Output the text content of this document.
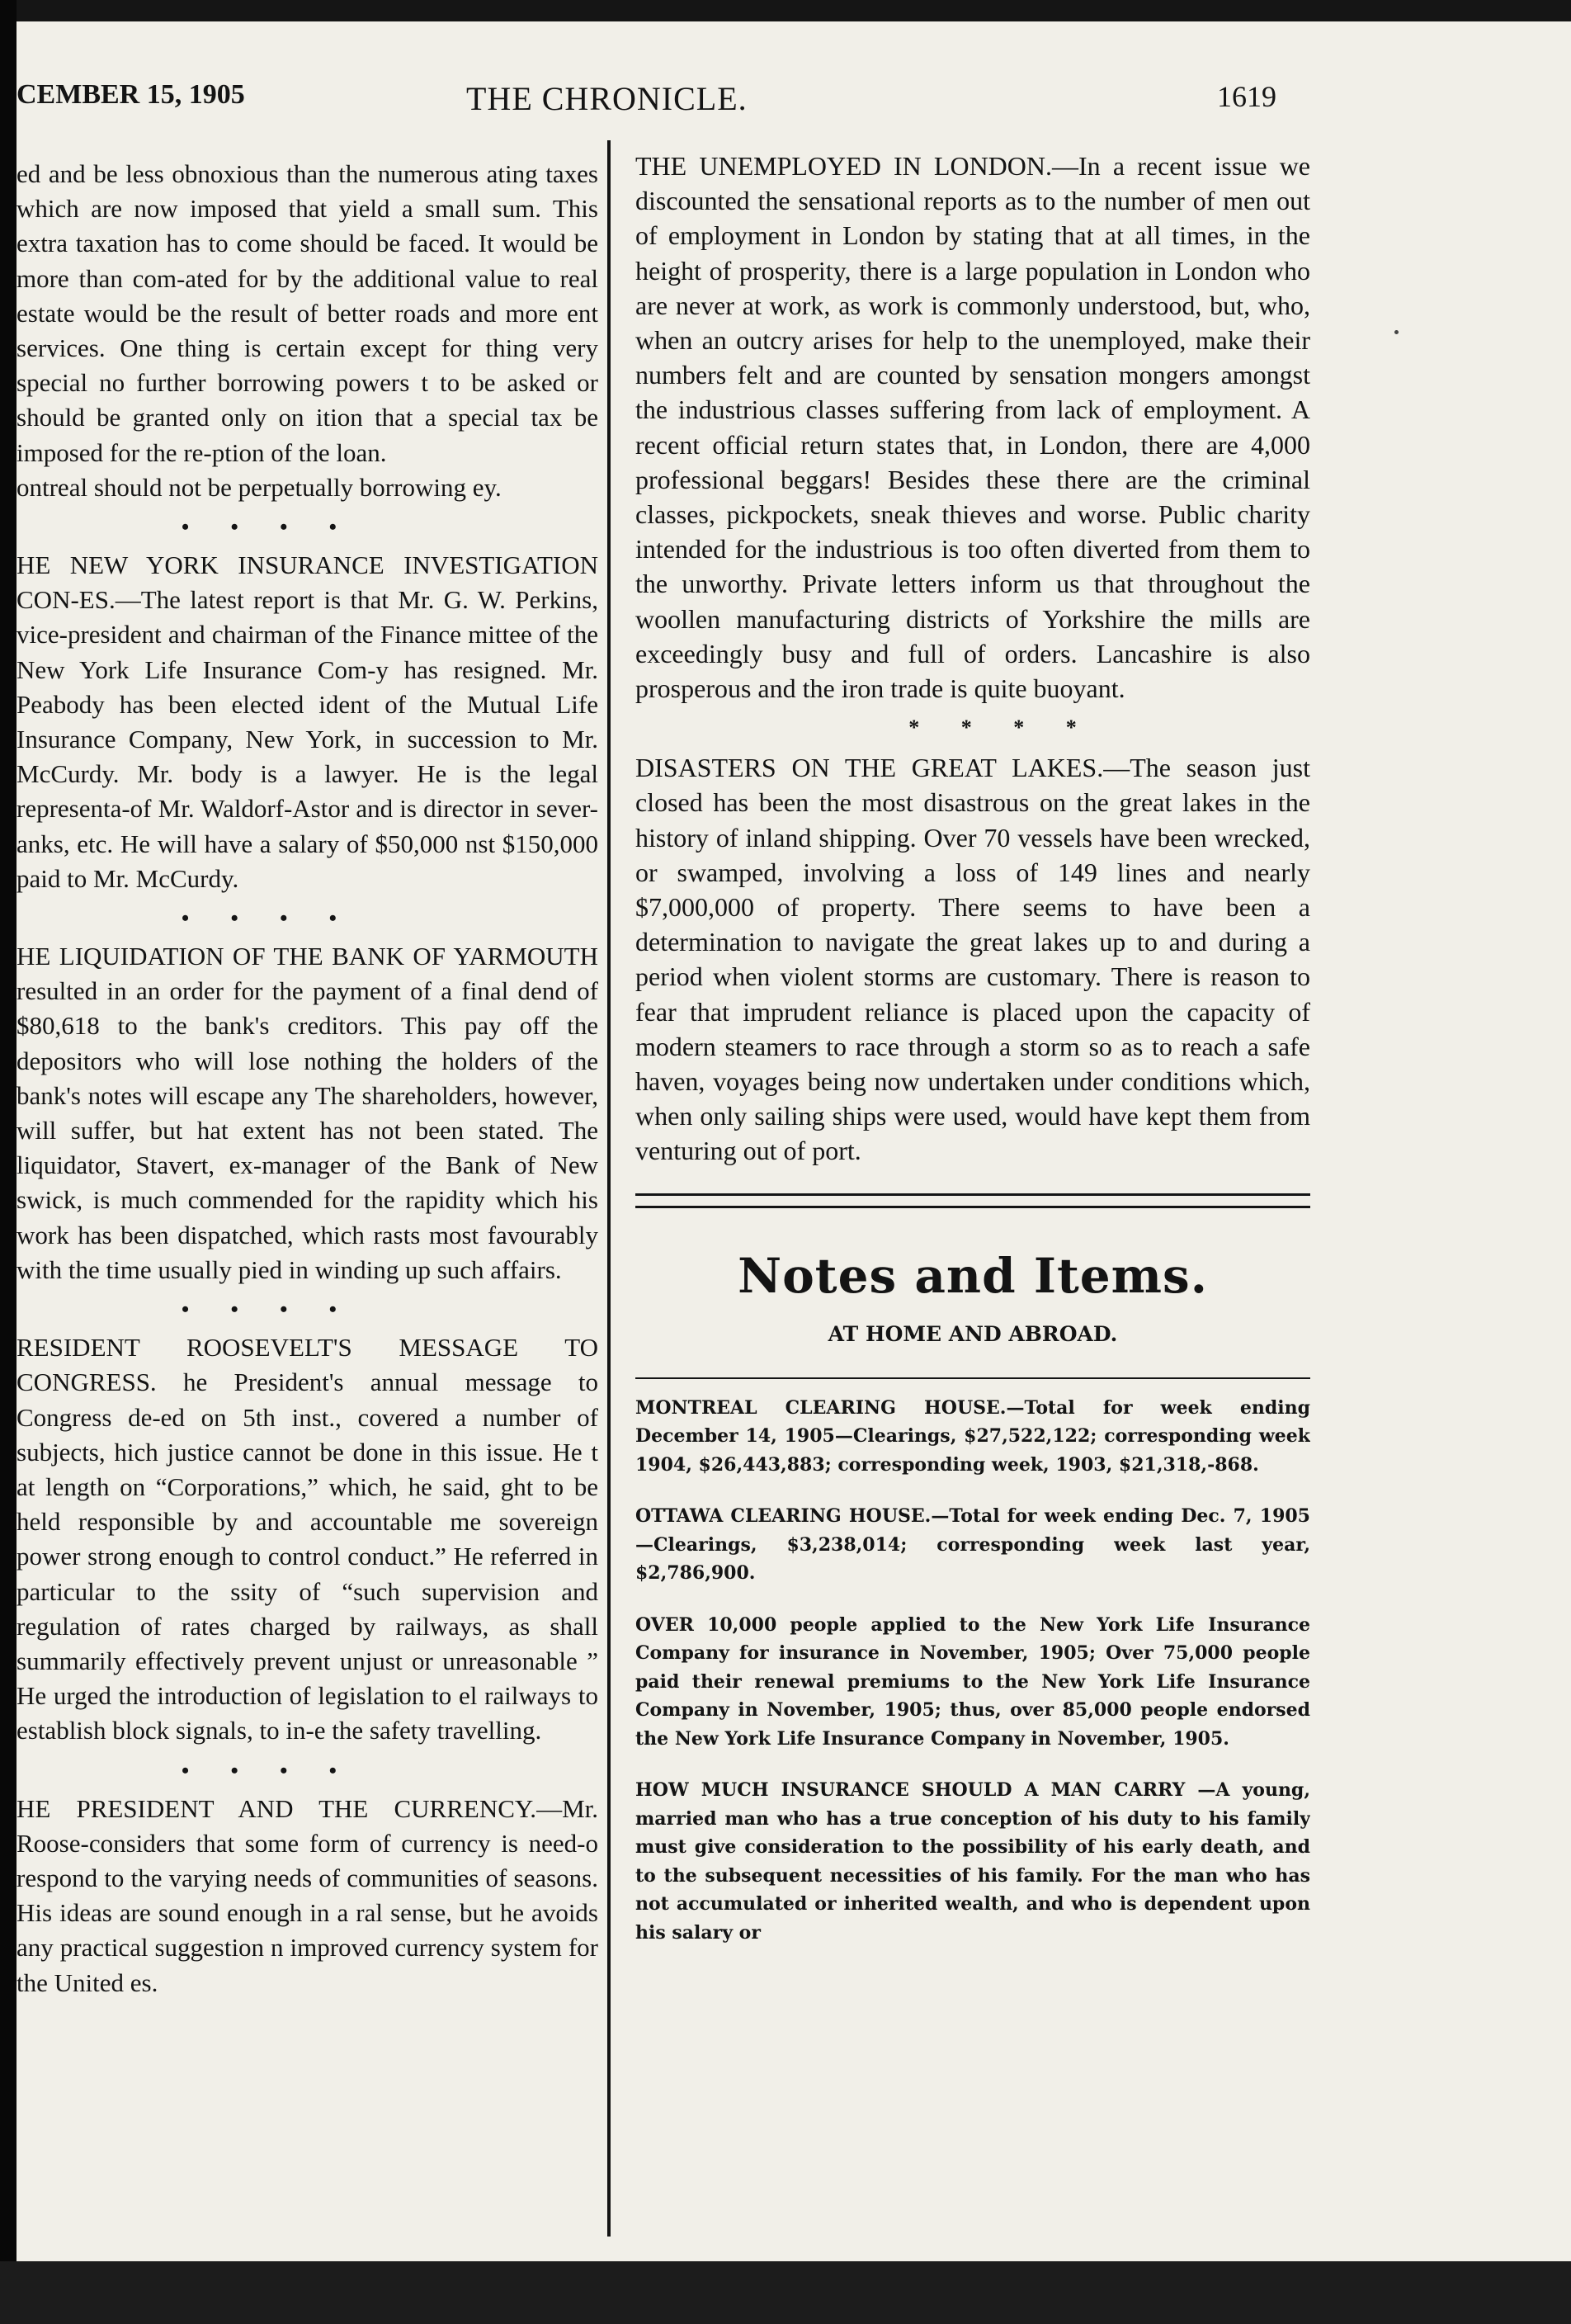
CEMBER 15, 1905	THE CHRONICLE.	1619

ed and be less obnoxious than the numerous ating taxes which are now imposed that yield a small sum. This extra taxation has to come should be faced. It would be more than com-ated for by the additional value to real estate would be the result of better roads and more ent services. One thing is certain except for thing very special no further borrowing powers t to be asked or should be granted only on ition that a special tax be imposed for the re-ption of the loan.

ontreal should not be perpetually borrowing ey.

• • • •

HE NEW YORK INSURANCE INVESTIGATION CON-ES.—The latest report is that Mr. G. W. Perkins, vice-president and chairman of the Finance mittee of the New York Life Insurance Com-y has resigned. Mr. Peabody has been elected ident of the Mutual Life Insurance Company, New York, in succession to Mr. McCurdy. Mr. body is a lawyer. He is the legal representa-of Mr. Waldorf-Astor and is director in sever-anks, etc. He will have a salary of $50,000 nst $150,000 paid to Mr. McCurdy.

• • • •

HE LIQUIDATION OF THE BANK OF YARMOUTH resulted in an order for the payment of a final dend of $80,618 to the bank's creditors. This pay off the depositors who will lose nothing the holders of the bank's notes will escape any The shareholders, however, will suffer, but hat extent has not been stated. The liquidator, Stavert, ex-manager of the Bank of New swick, is much commended for the rapidity which his work has been dispatched, which rasts most favourably with the time usually pied in winding up such affairs.

• • • •

RESIDENT ROOSEVELT'S MESSAGE TO CONGRESS. he President's annual message to Congress de-ed on 5th inst., covered a number of subjects, hich justice cannot be done in this issue. He t at length on “Corporations,” which, he said, ght to be held responsible by and accountable me sovereign power strong enough to control conduct.” He referred in particular to the ssity of “such supervision and regulation of rates charged by railways, as shall summarily effectively prevent unjust or unreasonable ” He urged the introduction of legislation to el railways to establish block signals, to in-e the safety travelling.

• • • •

HE PRESIDENT AND THE CURRENCY.—Mr. Roose-considers that some form of currency is need-o respond to the varying needs of communities of seasons. His ideas are sound enough in a ral sense, but he avoids any practical suggestion n improved currency system for the United es.

THE UNEMPLOYED IN LONDON.—In a recent issue we discounted the sensational reports as to the number of men out of employment in London by stating that at all times, in the height of prosperity, there is a large population in London who are never at work, as work is commonly understood, but, who, when an outcry arises for help to the unemployed, make their numbers felt and are counted by sensation mongers amongst the industrious classes suffering from lack of employment. A recent official return states that, in London, there are 4,000 professional beggars! Besides these there are the criminal classes, pickpockets, sneak thieves and worse. Public charity intended for the industrious is too often diverted from them to the unworthy. Private letters inform us that throughout the woollen manufacturing districts of Yorkshire the mills are exceedingly busy and full of orders. Lancashire is also prosperous and the iron trade is quite buoyant.

* * * *

DISASTERS ON THE GREAT LAKES.—The season just closed has been the most disastrous on the great lakes in the history of inland shipping. Over 70 vessels have been wrecked, or swamped, involving a loss of 149 lines and nearly $7,000,000 of property. There seems to have been a determination to navigate the great lakes up to and during a period when violent storms are customary. There is reason to fear that imprudent reliance is placed upon the capacity of modern steamers to race through a storm so as to reach a safe haven, voyages being now undertaken under conditions which, when only sailing ships were used, would have kept them from venturing out of port.

Notes and Items.
AT HOME AND ABROAD.
MONTREAL CLEARING HOUSE.—Total for week ending December 14, 1905—Clearings, $27,522,122; corresponding week 1904, $26,443,883; corresponding week, 1903, $21,318,-868.
OTTAWA CLEARING HOUSE.—Total for week ending Dec. 7, 1905—Clearings, $3,238,014; corresponding week last year, $2,786,900.
OVER 10,000 people applied to the New York Life Insurance Company for insurance in November, 1905; Over 75,000 people paid their renewal premiums to the New York Life Insurance Company in November, 1905; thus, over 85,000 people endorsed the New York Life Insurance Company in November, 1905.
HOW MUCH INSURANCE SHOULD A MAN CARRY —A young, married man who has a true conception of his duty to his family must give consideration to the possibility of his early death, and to the subsequent necessities of his family. For the man who has not accumulated or inherited wealth, and who is dependent upon his salary or
